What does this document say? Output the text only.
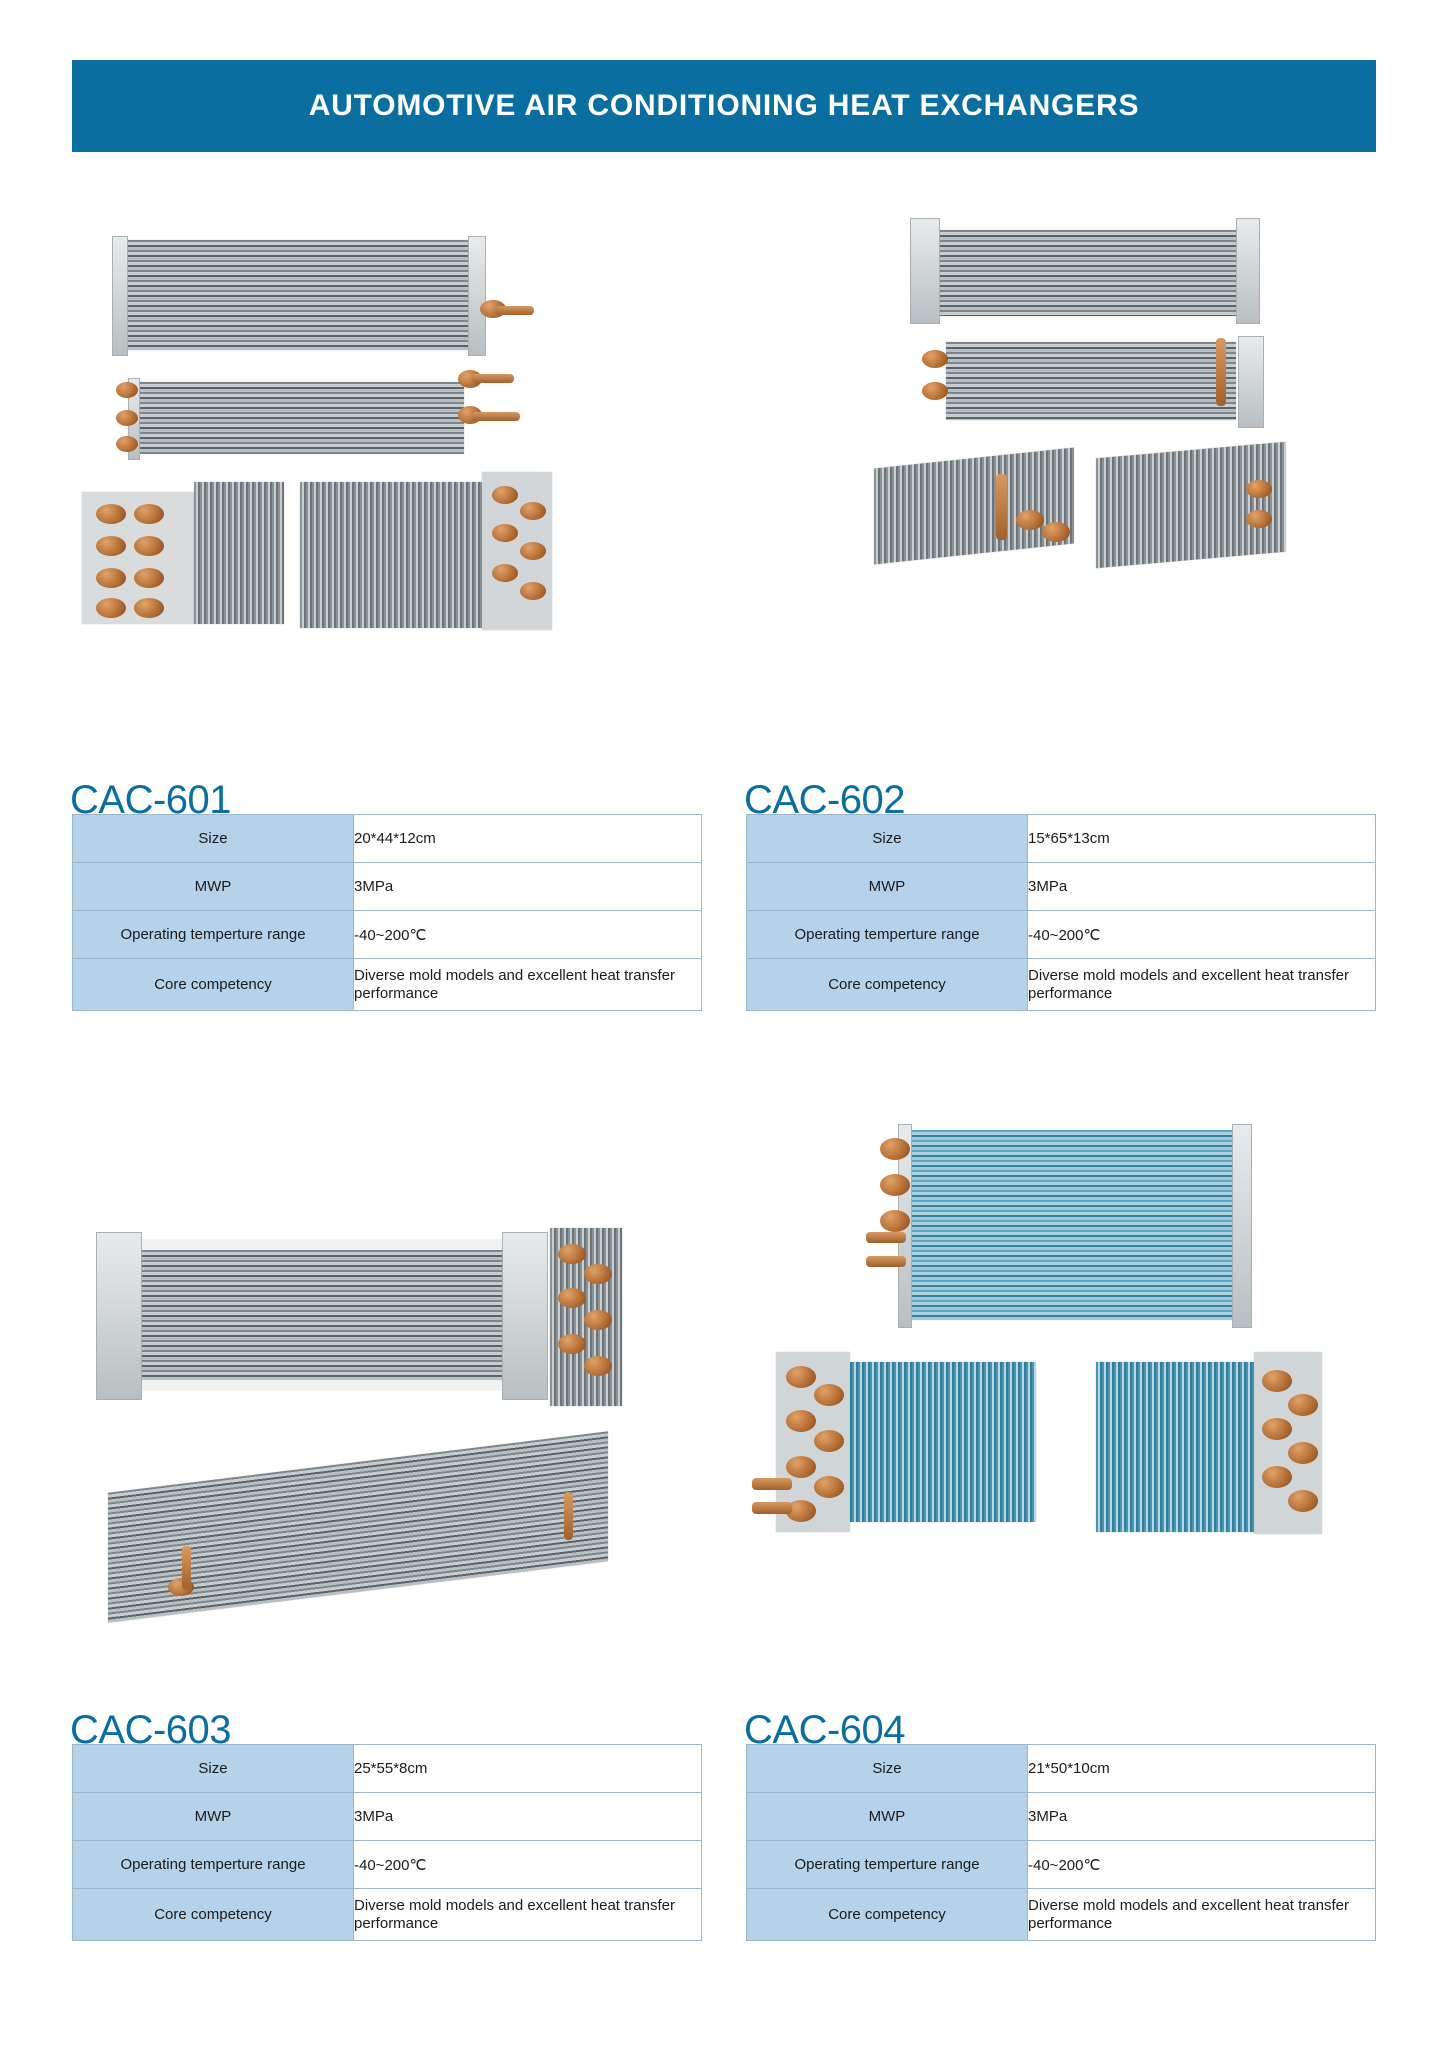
AUTOMOTIVE AIR CONDITIONING HEAT EXCHANGERS
CAC-601
Size	20*44*12cm
MWP	3MPa
Operating temperture range	-40~200℃
Core competency	Diverse mold models and excellent heat transfer performance
CAC-602
Size	15*65*13cm
MWP	3MPa
Operating temperture range	-40~200℃
Core competency	Diverse mold models and excellent heat transfer performance
CAC-603
Size	25*55*8cm
MWP	3MPa
Operating temperture range	-40~200℃
Core competency	Diverse mold models and excellent heat transfer performance
CAC-604
Size	21*50*10cm
MWP	3MPa
Operating temperture range	-40~200℃
Core competency	Diverse mold models and excellent heat transfer performance
